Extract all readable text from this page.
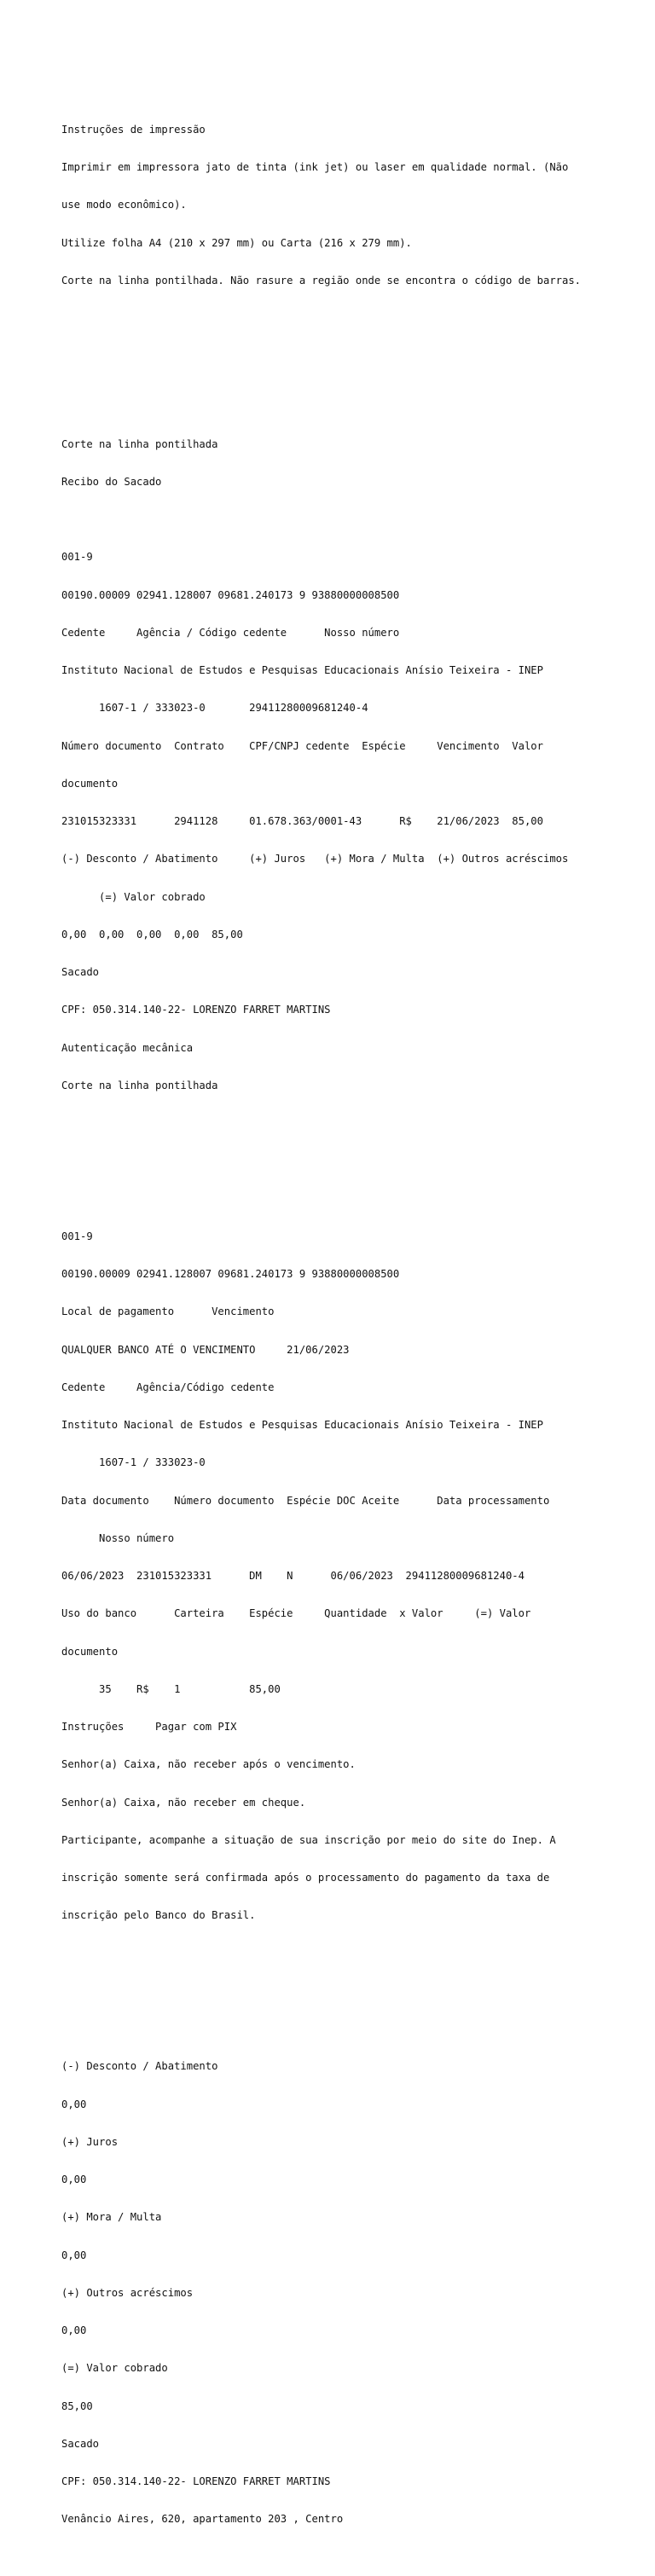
Instruções de impressão

Imprimir em impressora jato de tinta (ink jet) ou laser em qualidade normal. (Não

use modo econômico).

Utilize folha A4 (210 x 297 mm) ou Carta (216 x 279 mm).

Corte na linha pontilhada. Não rasure a região onde se encontra o código de barras.

Corte na linha pontilhada

Recibo do Sacado

001-9

00190.00009 02941.128007 09681.240173 9 93880000008500

Cedente     Agência / Código cedente      Nosso número

Instituto Nacional de Estudos e Pesquisas Educacionais Anísio Teixeira - INEP

1607-1 / 333023-0       29411280009681240-4

Número documento  Contrato    CPF/CNPJ cedente  Espécie     Vencimento  Valor

documento

231015323331      2941128     01.678.363/0001-43      R$    21/06/2023  85,00

(-) Desconto / Abatimento     (+) Juros   (+) Mora / Multa  (+) Outros acréscimos

(=) Valor cobrado

0,00  0,00  0,00  0,00  85,00

Sacado

CPF: 050.314.140-22- LORENZO FARRET MARTINS

Autenticação mecânica

Corte na linha pontilhada

001-9

00190.00009 02941.128007 09681.240173 9 93880000008500

Local de pagamento      Vencimento

QUALQUER BANCO ATÉ O VENCIMENTO     21/06/2023

Cedente     Agência/Código cedente

Instituto Nacional de Estudos e Pesquisas Educacionais Anísio Teixeira - INEP

1607-1 / 333023-0

Data documento    Número documento  Espécie DOC Aceite      Data processamento

Nosso número

06/06/2023  231015323331      DM    N      06/06/2023  29411280009681240-4

Uso do banco      Carteira    Espécie     Quantidade  x Valor     (=) Valor

documento

35    R$    1           85,00

Instruções     Pagar com PIX

Senhor(a) Caixa, não receber após o vencimento.

Senhor(a) Caixa, não receber em cheque.

Participante, acompanhe a situação de sua inscrição por meio do site do Inep. A

inscrição somente será confirmada após o processamento do pagamento da taxa de

inscrição pelo Banco do Brasil.

(-) Desconto / Abatimento

0,00

(+) Juros

0,00

(+) Mora / Multa

0,00

(+) Outros acréscimos

0,00

(=) Valor cobrado

85,00

Sacado

CPF: 050.314.140-22- LORENZO FARRET MARTINS

Venâncio Aires, 620, apartamento 203 , Centro
